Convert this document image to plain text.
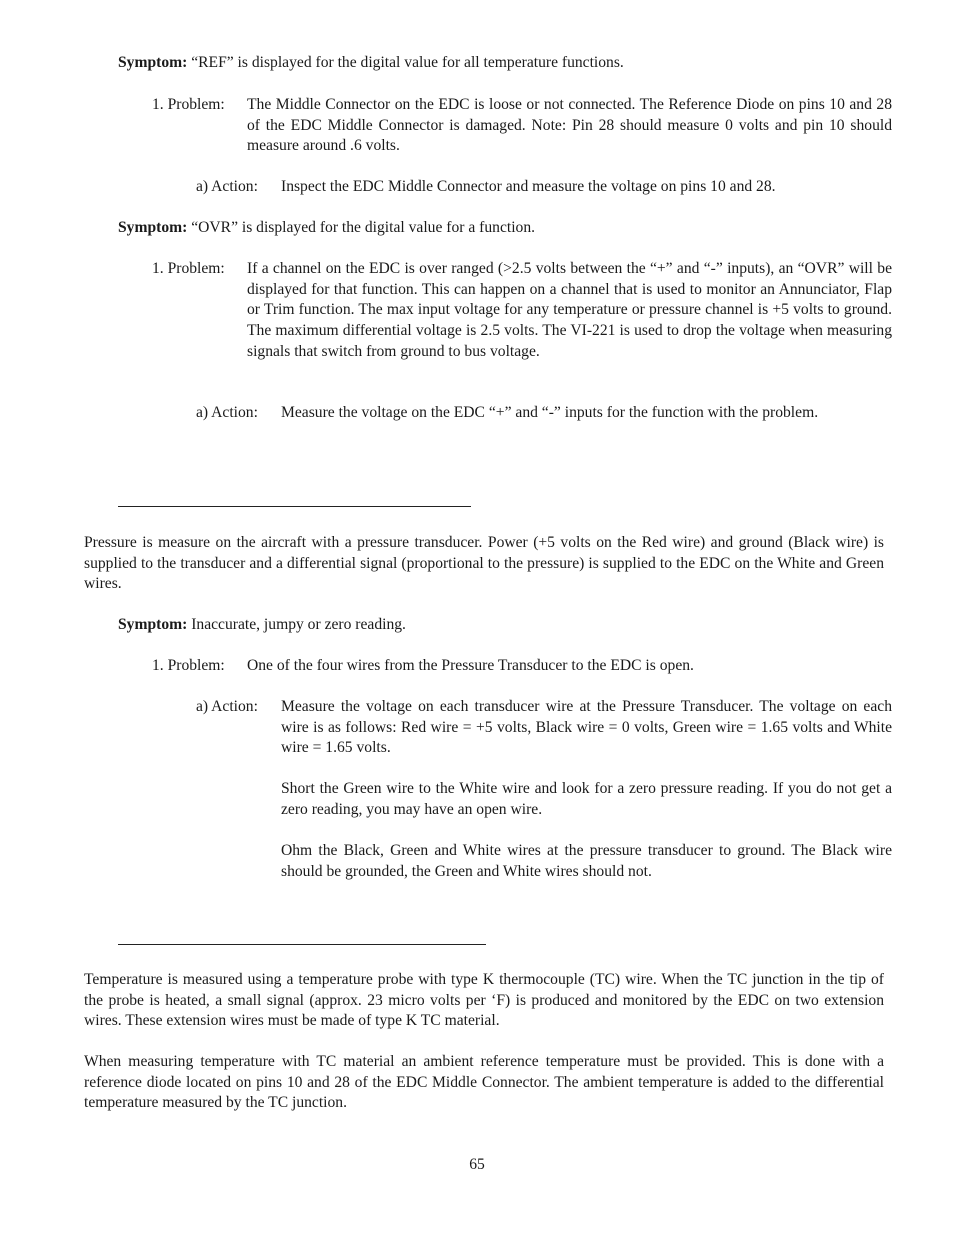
Symptom: “REF” is displayed for the digital value for all temperature functions.

1. Problem: The Middle Connector on the EDC is loose or not connected. The Reference Diode on pins 10 and 28 of the EDC Middle Connector is damaged. Note: Pin 28 should measure 0 volts and pin 10 should measure around .6 volts.
a) Action: Inspect the EDC Middle Connector and measure the voltage on pins 10 and 28.

Symptom: “OVR” is displayed for the digital value for a function.

1. Problem: If a channel on the EDC is over ranged (>2.5 volts between the “+” and “-” inputs), an “OVR” will be displayed for that function. This can happen on a channel that is used to monitor an Annunciator, Flap or Trim function. The max input voltage for any temperature or pressure channel is +5 volts to ground. The maximum differential voltage is 2.5 volts. The VI-221 is used to drop the voltage when measuring signals that switch from ground to bus voltage.
a) Action: Measure the voltage on the EDC “+” and “-” inputs for the function with the problem.

Pressure is measure on the aircraft with a pressure transducer. Power (+5 volts on the Red wire) and ground (Black wire) is supplied to the transducer and a differential signal (proportional to the pressure) is supplied to the EDC on the White and Green wires.

Symptom: Inaccurate, jumpy or zero reading.

1. Problem: One of the four wires from the Pressure Transducer to the EDC is open.
a) Action: Measure the voltage on each transducer wire at the Pressure Transducer. The voltage on each wire is as follows: Red wire = +5 volts, Black wire = 0 volts, Green wire = 1.65 volts and White wire = 1.65 volts.
Short the Green wire to the White wire and look for a zero pressure reading. If you do not get a zero reading, you may have an open wire.
Ohm the Black, Green and White wires at the pressure transducer to ground. The Black wire should be grounded, the Green and White wires should not.

Temperature is measured using a temperature probe with type K thermocouple (TC) wire. When the TC junction in the tip of the probe is heated, a small signal (approx. 23 micro volts per ‘F) is produced and monitored by the EDC on two extension wires. These extension wires must be made of type K TC material.

When measuring temperature with TC material an ambient reference temperature must be provided. This is done with a reference diode located on pins 10 and 28 of the EDC Middle Connector. The ambient temperature is added to the differential temperature measured by the TC junction.

65
